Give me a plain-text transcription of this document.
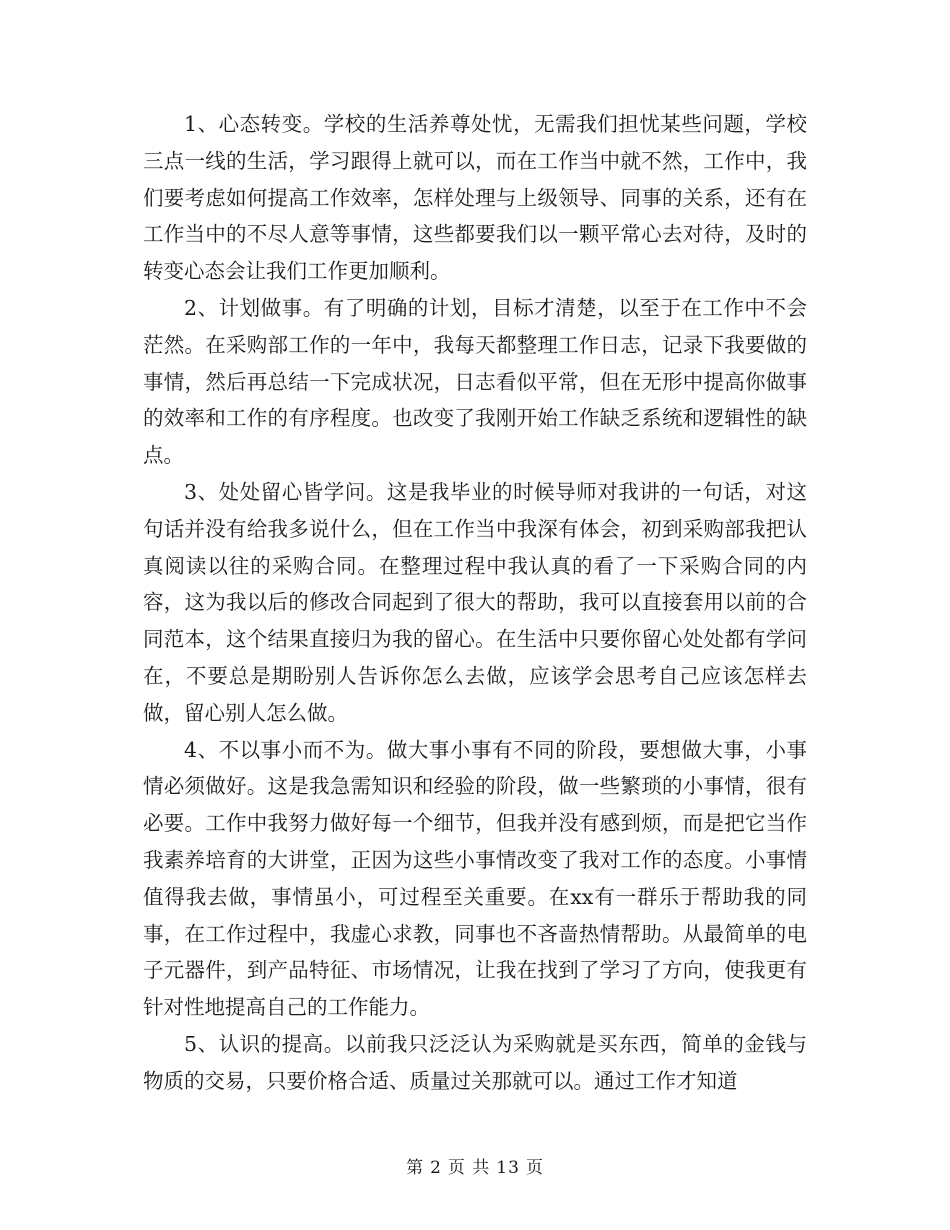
1、心态转变。学校的生活养尊处忧，无需我们担忧某些问题，学校三点一线的生活，学习跟得上就可以，而在工作当中就不然，工作中，我们要考虑如何提高工作效率，怎样处理与上级领导、同事的关系，还有在工作当中的不尽人意等事情，这些都要我们以一颗平常心去对待，及时的转变心态会让我们工作更加顺利。

2、计划做事。有了明确的计划，目标才清楚，以至于在工作中不会茫然。在采购部工作的一年中，我每天都整理工作日志，记录下我要做的事情，然后再总结一下完成状况，日志看似平常，但在无形中提高你做事的效率和工作的有序程度。也改变了我刚开始工作缺乏系统和逻辑性的缺点。

3、处处留心皆学问。这是我毕业的时候导师对我讲的一句话，对这句话并没有给我多说什么，但在工作当中我深有体会，初到采购部我把认真阅读以往的采购合同。在整理过程中我认真的看了一下采购合同的内容，这为我以后的修改合同起到了很大的帮助，我可以直接套用以前的合同范本，这个结果直接归为我的留心。在生活中只要你留心处处都有学问在，不要总是期盼别人告诉你怎么去做，应该学会思考自己应该怎样去做，留心别人怎么做。

4、不以事小而不为。做大事小事有不同的阶段，要想做大事，小事情必须做好。这是我急需知识和经验的阶段，做一些繁琐的小事情，很有必要。工作中我努力做好每一个细节，但我并没有感到烦，而是把它当作我素养培育的大讲堂，正因为这些小事情改变了我对工作的态度。小事情值得我去做，事情虽小，可过程至关重要。在xx有一群乐于帮助我的同事，在工作过程中，我虚心求教，同事也不吝啬热情帮助。从最简单的电子元器件，到产品特征、市场情况，让我在找到了学习了方向，使我更有针对性地提高自己的工作能力。

5、认识的提高。以前我只泛泛认为采购就是买东西，简单的金钱与物质的交易，只要价格合适、质量过关那就可以。通过工作才知道

第 2 页 共 13 页
